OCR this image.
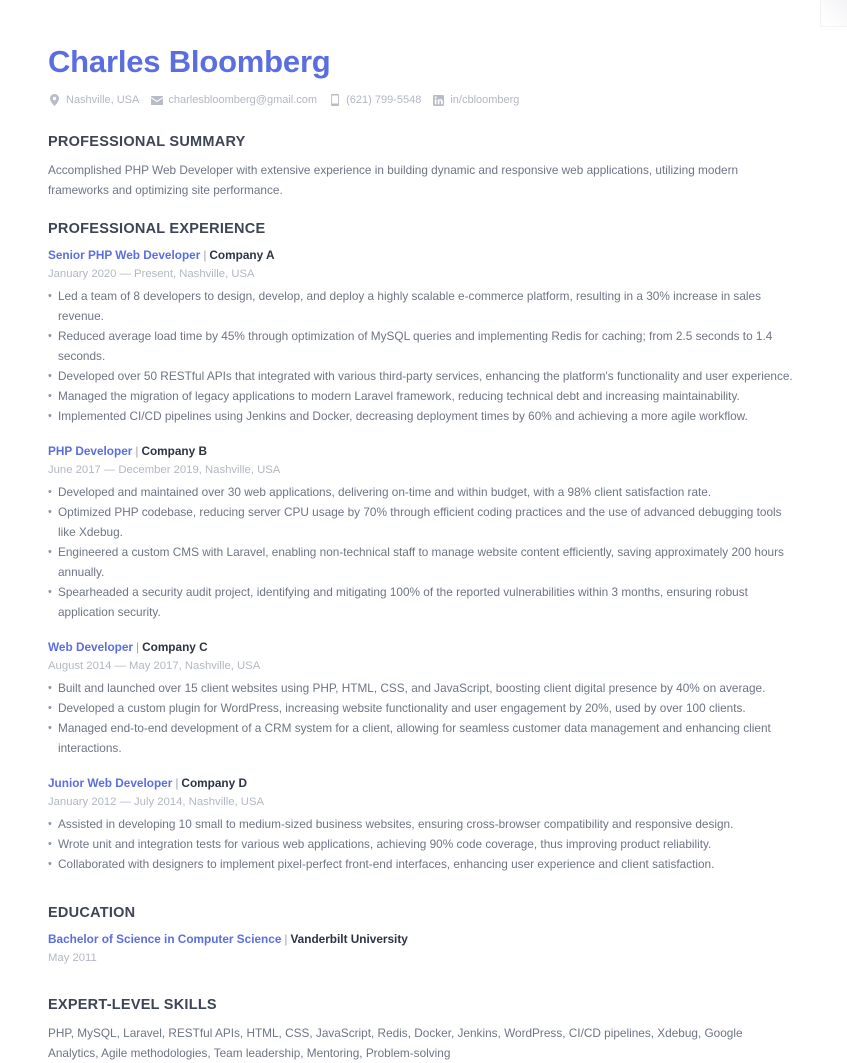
Charles Bloomberg
Nashville, USA	charlesbloomberg@gmail.com	(621) 799-5548	in/cbloomberg
PROFESSIONAL SUMMARY

Accomplished PHP Web Developer with extensive experience in building dynamic and responsive web applications, utilizing modern frameworks and optimizing site performance.

PROFESSIONAL EXPERIENCE
Senior PHP Web Developer | Company A
January 2020 — Present, Nashville, USA
• Led a team of 8 developers to design, develop, and deploy a highly scalable e-commerce platform, resulting in a 30% increase in sales revenue.
• Reduced average load time by 45% through optimization of MySQL queries and implementing Redis for caching; from 2.5 seconds to 1.4 seconds.
• Developed over 50 RESTful APIs that integrated with various third-party services, enhancing the platform's functionality and user experience.
• Managed the migration of legacy applications to modern Laravel framework, reducing technical debt and increasing maintainability.
• Implemented CI/CD pipelines using Jenkins and Docker, decreasing deployment times by 60% and achieving a more agile workflow.
PHP Developer | Company B
June 2017 — December 2019, Nashville, USA
• Developed and maintained over 30 web applications, delivering on-time and within budget, with a 98% client satisfaction rate.
• Optimized PHP codebase, reducing server CPU usage by 70% through efficient coding practices and the use of advanced debugging tools like Xdebug.
• Engineered a custom CMS with Laravel, enabling non-technical staff to manage website content efficiently, saving approximately 200 hours annually.
• Spearheaded a security audit project, identifying and mitigating 100% of the reported vulnerabilities within 3 months, ensuring robust application security.
Web Developer | Company C
August 2014 — May 2017, Nashville, USA
• Built and launched over 15 client websites using PHP, HTML, CSS, and JavaScript, boosting client digital presence by 40% on average.
• Developed a custom plugin for WordPress, increasing website functionality and user engagement by 20%, used by over 100 clients.
• Managed end-to-end development of a CRM system for a client, allowing for seamless customer data management and enhancing client interactions.
Junior Web Developer | Company D
January 2012 — July 2014, Nashville, USA
• Assisted in developing 10 small to medium-sized business websites, ensuring cross-browser compatibility and responsive design.
• Wrote unit and integration tests for various web applications, achieving 90% code coverage, thus improving product reliability.
• Collaborated with designers to implement pixel-perfect front-end interfaces, enhancing user experience and client satisfaction.
EDUCATION
Bachelor of Science in Computer Science | Vanderbilt University
May 2011
EXPERT-LEVEL SKILLS

PHP, MySQL, Laravel, RESTful APIs, HTML, CSS, JavaScript, Redis, Docker, Jenkins, WordPress, CI/CD pipelines, Xdebug, Google Analytics, Agile methodologies, Team leadership, Mentoring, Problem-solving
